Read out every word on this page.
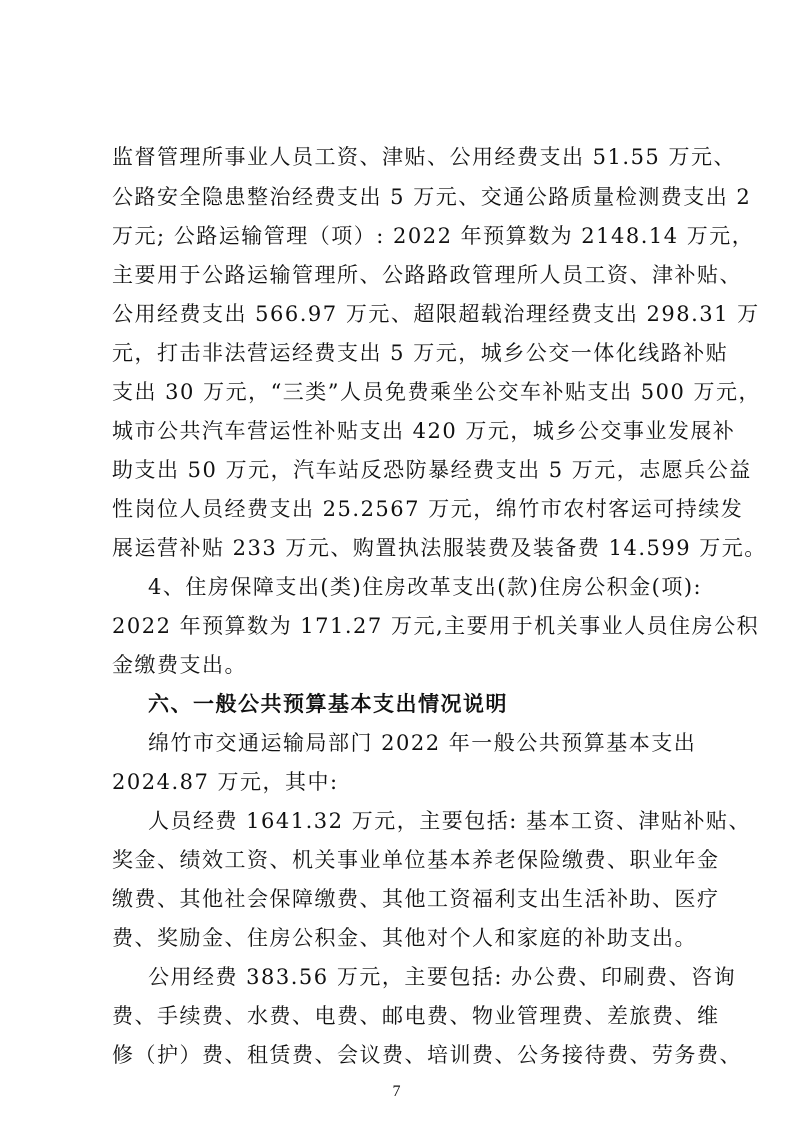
监督管理所事业人员工资、津贴、公用经费支出 51.55 万元、
公路安全隐患整治经费支出 5 万元、交通公路质量检测费支出 2
万元; 公路运输管理（项）: 2022 年预算数为 2148.14 万元，
主要用于公路运输管理所、公路路政管理所人员工资、津补贴、
公用经费支出 566.97 万元、超限超载治理经费支出 298.31 万
元，打击非法营运经费支出 5 万元，城乡公交一体化线路补贴
支出 30 万元，“三类”人员免费乘坐公交车补贴支出 500 万元，
城市公共汽车营运性补贴支出 420 万元，城乡公交事业发展补
助支出 50 万元，汽车站反恐防暴经费支出 5 万元，志愿兵公益
性岗位人员经费支出 25.2567 万元，绵竹市农村客运可持续发
展运营补贴 233 万元、购置执法服装费及装备费 14.599 万元。
4、住房保障支出(类)住房改革支出(款)住房公积金(项):
2022 年预算数为 171.27 万元,主要用于机关事业人员住房公积
金缴费支出。
六、一般公共预算基本支出情况说明
绵竹市交通运输局部门 2022 年一般公共预算基本支出
2024.87 万元，其中:
人员经费 1641.32 万元，主要包括: 基本工资、津贴补贴、
奖金、绩效工资、机关事业单位基本养老保险缴费、职业年金
缴费、其他社会保障缴费、其他工资福利支出生活补助、医疗
费、奖励金、住房公积金、其他对个人和家庭的补助支出。
公用经费 383.56 万元，主要包括: 办公费、印刷费、咨询
费、手续费、水费、电费、邮电费、物业管理费、差旅费、维
修（护）费、租赁费、会议费、培训费、公务接待费、劳务费、
7
